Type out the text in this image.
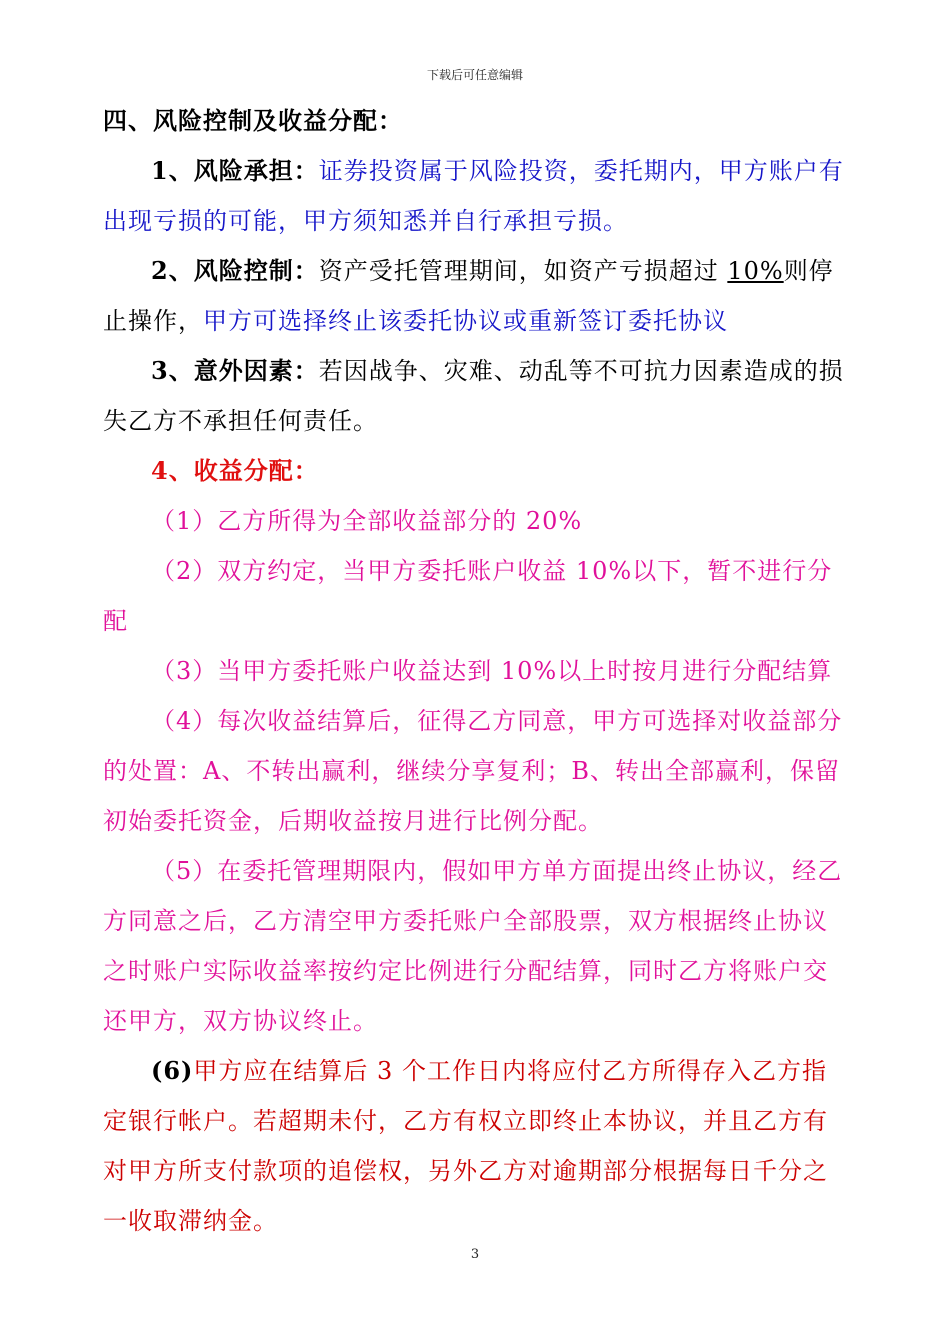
下载后可任意编辑

四、风险控制及收益分配：

1、风险承担：证券投资属于风险投资，委托期内，甲方账户有出现亏损的可能，甲方须知悉并自行承担亏损。

2、风险控制：资产受托管理期间，如资产亏损超过 10%则停止操作，甲方可选择终止该委托协议或重新签订委托协议

3、意外因素：若因战争、灾难、动乱等不可抗力因素造成的损失乙方不承担任何责任。

4、收益分配：

（1）乙方所得为全部收益部分的 20%

（2）双方约定，当甲方委托账户收益 10%以下，暂不进行分配

（3）当甲方委托账户收益达到 10%以上时按月进行分配结算

（4）每次收益结算后，征得乙方同意，甲方可选择对收益部分的处置：A、不转出赢利，继续分享复利；B、转出全部赢利，保留初始委托资金，后期收益按月进行比例分配。

（5）在委托管理期限内，假如甲方单方面提出终止协议，经乙方同意之后，乙方清空甲方委托账户全部股票，双方根据终止协议之时账户实际收益率按约定比例进行分配结算，同时乙方将账户交还甲方，双方协议终止。

(6)甲方应在结算后 3 个工作日内将应付乙方所得存入乙方指定银行帐户。若超期未付，乙方有权立即终止本协议，并且乙方有对甲方所支付款项的追偿权，另外乙方对逾期部分根据每日千分之一收取滞纳金。

3
